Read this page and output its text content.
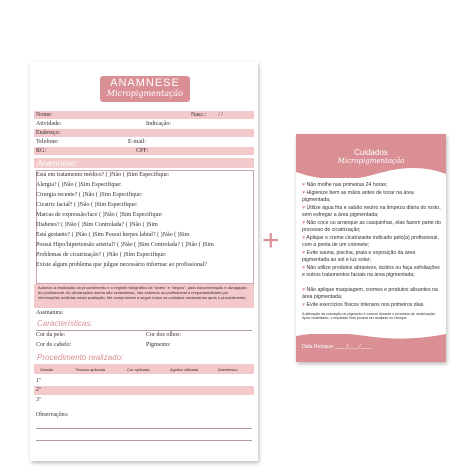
ANAMNESE
Micropigmentação
Nome:	Nasc.: / /
Atividade:	Indicação:
Endereço:
Telefone:	E-mail:
RG:	CPF:
Anamnese:
Está em tratamento médico? ( )Não ( )Sim Especifique:
Alergia? ( )Não ( )Sim Especifique:
Cirurgia recente? ( )Não ( )Sim Especifique:
Cicatriz facial? ( )Não ( )Sim Especifique:
Marcas de expressão/face ( )Não ( )Sim Especifique:
Diabetes? ( )Não ( )Sim Controlada? ( )Não ( )Sim
Está gestante? ( )Não ( )Sim Possui herpes labial? ( )Não ( )Sim
Possui Hipo/hipertensão arterial? ( )Não ( )Sim Controlada? ( )Não ( )Sim
Problemas de cicatrização? ( )Não ( )Sim Especifique:
Existe algum problema que julgue necessário informar ao profissional?
Autorizo a realização do procedimento e o registro fotográfico de "antes" e "depois", para documentação e divulgação do profissional. As declarações acima são verdadeiras, não cabendo ao profissional a responsabilidade por informações omitidas nesta avaliação. Me comprometo a seguir todos os cuidados necessários após o procedimento.
Assinatura:
Características:
Cor da pele:	Cor dos olhos:
Cor do cabelo:	Pigmento:
Procedimento realizado:
Sessão	Técnica aplicada	Cor aplicada	Agulha utilizada	Anestésico
1ª
2ª
3ª
Observações:
+
Cuidados
Micropigmentação
♥ Não molhe nas primeiras 24 horas;
♥ Higienize bem as mãos antes de tocar na área pigmentada;
♥ Utilize água fria e sabão neutro na limpeza diária do rosto, sem esfregar a área pigmentada;
♥ Não coce ou arranque as casquinhas, elas fazem parte do processo de cicatrização;
♥ Aplique o creme cicatrizante indicado pelo(a) profissional, com a ponta de um cotonete;
♥ Evite sauna, piscina, praia e exposição da área pigmentada ao sol e luz solar;
♥ Não utilize produtos abrasivos, ácidos ou faça esfoliações e outros tratamentos faciais na área pigmentada;
♥ Não aplique maquiagem, cremes e produtos alisantes na área pigmentada;
♥ Evite exercícios físicos intensos nos primeiros dias.
A alteração da coloração do pigmento é comum durante o processo de cicatrização. Após cicatrizado, o resultado final poderá ser avaliado no retoque.
Data Retoque: ____/____/____
